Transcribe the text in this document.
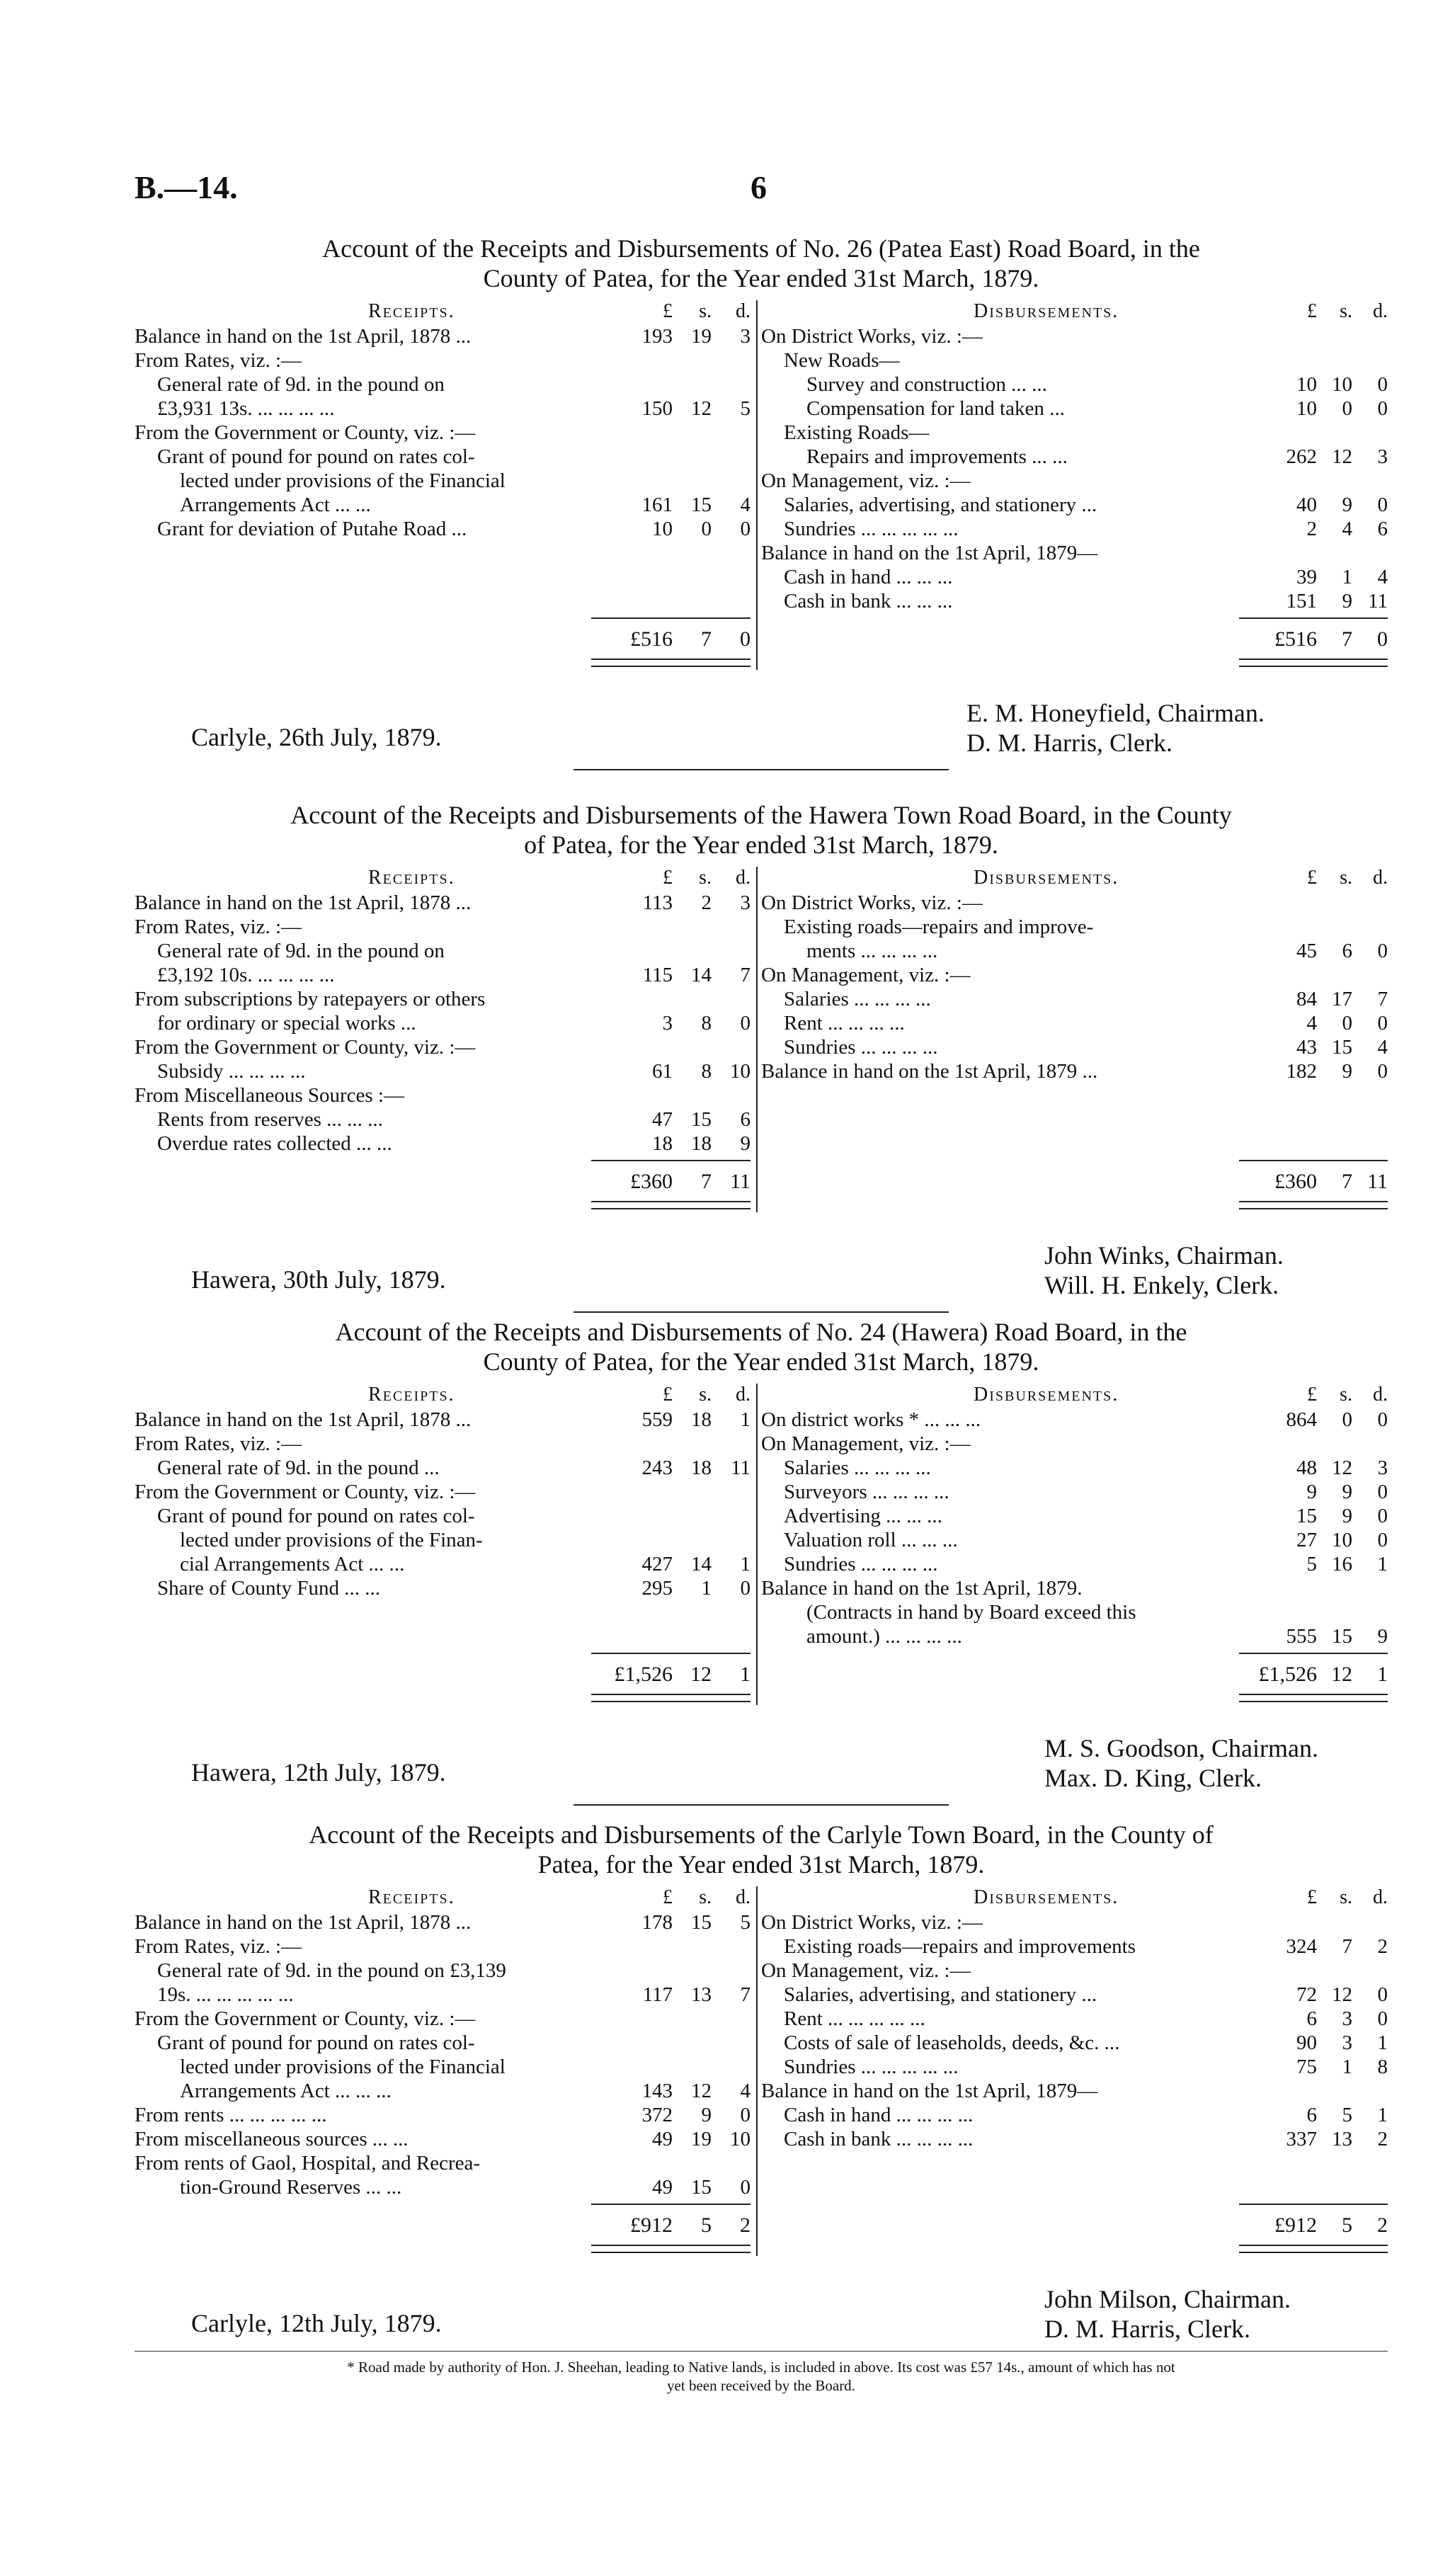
B.—14.	6
Account of the Receipts and Disbursements of No. 26 (Patea East) Road Board, in the
County of Patea, for the Year ended 31st March, 1879.
Receipts.	£	s.	d.
Balance in hand on the 1st April, 1878 ...	193 19	3
From Rates, viz. :—
General rate of 9d. in the pound on
£3,931 13s. ... ... ... ...	150 12	5
From the Government or County, viz. :—
Grant of pound for pound on rates col-
lected under provisions of the Financial
Arrangements Act ... ...	161 15	4
Grant for deviation of Putahe Road ...	10	0	0
£516	7	0
Disbursements.	£	s.	d.
On District Works, viz. :—
New Roads—
Survey and construction ... ...	10 10	0
Compensation for land taken ...	10	0	0
Existing Roads—
Repairs and improvements ... ...	262 12	3
On Management, viz. :—
Salaries, advertising, and stationery ...	40	9	0
Sundries ... ... ... ... ...	2	4	6
Balance in hand on the 1st April, 1879—
Cash in hand ... ... ...	39	1	4
Cash in bank ... ... ...	151	9 11
£516	7	0
E. M. Honeyfield, Chairman.
D. M. Harris, Clerk.
Carlyle, 26th July, 1879.
Account of the Receipts and Disbursements of the Hawera Town Road Board, in the County
of Patea, for the Year ended 31st March, 1879.
Receipts.	£	s.	d.
Balance in hand on the 1st April, 1878 ...	113	2	3
From Rates, viz. :—
General rate of 9d. in the pound on
£3,192 10s. ... ... ... ...	115 14	7
From subscriptions by ratepayers or others
for ordinary or special works ...	3	8	0
From the Government or County, viz. :—
Subsidy ... ... ... ...	61	8 10
From Miscellaneous Sources :—
Rents from reserves ... ... ...	47 15	6
Overdue rates collected ... ...	18 18	9
£360	7 11
Disbursements.	£	s.	d.
On District Works, viz. :—
Existing roads—repairs and improve-
ments ... ... ... ...	45	6	0
On Management, viz. :—
Salaries ... ... ... ...	84 17	7
Rent ... ... ... ...	4	0	0
Sundries ... ... ... ...	43 15	4
Balance in hand on the 1st April, 1879 ...	182	9	0
£360	7 11
John Winks, Chairman.
Will. H. Enkely, Clerk.
Hawera, 30th July, 1879.
Account of the Receipts and Disbursements of No. 24 (Hawera) Road Board, in the
County of Patea, for the Year ended 31st March, 1879.
Receipts.	£	s.	d.
Balance in hand on the 1st April, 1878 ...	559 18	1
From Rates, viz. :—
General rate of 9d. in the pound ...	243 18 11
From the Government or County, viz. :—
Grant of pound for pound on rates col-
lected under provisions of the Finan-
cial Arrangements Act ... ...	427 14	1
Share of County Fund ... ...	295	1	0
£1,526 12	1
Disbursements.	£	s.	d.
On district works * ... ... ...	864	0	0
On Management, viz. :—
Salaries ... ... ... ...	48 12	3
Surveyors ... ... ... ...	9	9	0
Advertising ... ... ...	15	9	0
Valuation roll ... ... ...	27 10	0
Sundries ... ... ... ...	5 16	1
Balance in hand on the 1st April, 1879.
(Contracts in hand by Board exceed this
amount.) ... ... ... ...	555 15	9
£1,526 12	1
M. S. Goodson, Chairman.
Max. D. King, Clerk.
Hawera, 12th July, 1879.
Account of the Receipts and Disbursements of the Carlyle Town Board, in the County of
Patea, for the Year ended 31st March, 1879.
Receipts.	£	s.	d.
Balance in hand on the 1st April, 1878 ...	178 15	5
From Rates, viz. :—
General rate of 9d. in the pound on £3,139
19s. ... ... ... ... ...	117 13	7
From the Government or County, viz. :—
Grant of pound for pound on rates col-
lected under provisions of the Financial
Arrangements Act ... ... ...	143 12	4
From rents ... ... ... ... ...	372	9	0
From miscellaneous sources ... ...	49 19 10
From rents of Gaol, Hospital, and Recrea-
tion-Ground Reserves ... ...	49 15	0
£912	5	2
Disbursements.	£	s.	d.
On District Works, viz. :—
Existing roads—repairs and improvements	324	7	2
On Management, viz. :—
Salaries, advertising, and stationery ...	72 12	0
Rent ... ... ... ... ...	6	3	0
Costs of sale of leaseholds, deeds, &c. ...	90	3	1
Sundries ... ... ... ... ...	75	1	8
Balance in hand on the 1st April, 1879—
Cash in hand ... ... ... ...	6	5	1
Cash in bank ... ... ... ...	337 13	2
£912	5	2
John Milson, Chairman.
D. M. Harris, Clerk.
Carlyle, 12th July, 1879.
* Road made by authority of Hon. J. Sheehan, leading to Native lands, is included in above. Its cost was £57 14s., amount of which has not
yet been received by the Board.
